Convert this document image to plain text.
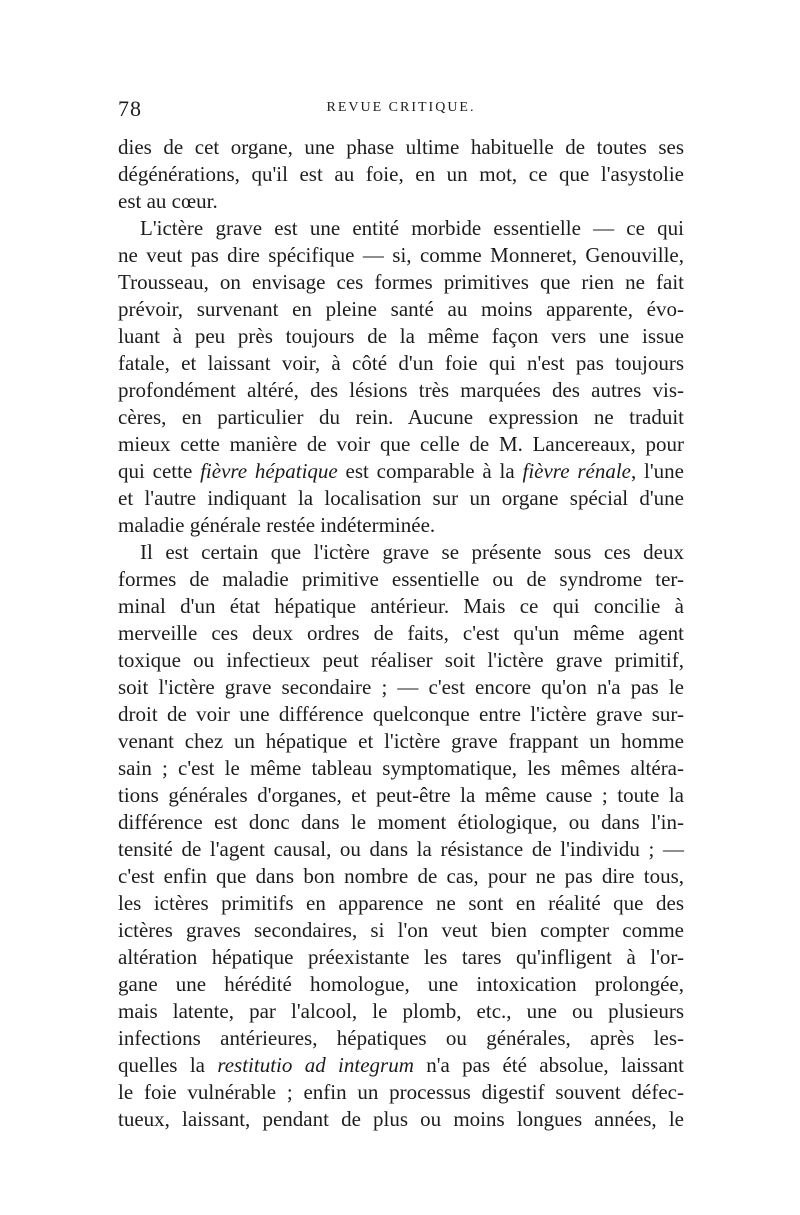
78	REVUE CRITIQUE.
dies de cet organe, une phase ultime habituelle de toutes ses
dégénérations, qu'il est au foie, en un mot, ce que l'asystolie
est au cœur.
L'ictère grave est une entité morbide essentielle — ce qui
ne veut pas dire spécifique — si, comme Monneret, Genouville,
Trousseau, on envisage ces formes primitives que rien ne fait
prévoir, survenant en pleine santé au moins apparente, évo-
luant à peu près toujours de la même façon vers une issue
fatale, et laissant voir, à côté d'un foie qui n'est pas toujours
profondément altéré, des lésions très marquées des autres vis-
cères, en particulier du rein. Aucune expression ne traduit
mieux cette manière de voir que celle de M. Lancereaux, pour
qui cette fièvre hépatique est comparable à la fièvre rénale, l'une
et l'autre indiquant la localisation sur un organe spécial d'une
maladie générale restée indéterminée.
Il est certain que l'ictère grave se présente sous ces deux
formes de maladie primitive essentielle ou de syndrome ter-
minal d'un état hépatique antérieur. Mais ce qui concilie à
merveille ces deux ordres de faits, c'est qu'un même agent
toxique ou infectieux peut réaliser soit l'ictère grave primitif,
soit l'ictère grave secondaire ; — c'est encore qu'on n'a pas le
droit de voir une différence quelconque entre l'ictère grave sur-
venant chez un hépatique et l'ictère grave frappant un homme
sain ; c'est le même tableau symptomatique, les mêmes altéra-
tions générales d'organes, et peut-être la même cause ; toute la
différence est donc dans le moment étiologique, ou dans l'in-
tensité de l'agent causal, ou dans la résistance de l'individu ; —
c'est enfin que dans bon nombre de cas, pour ne pas dire tous,
les ictères primitifs en apparence ne sont en réalité que des
ictères graves secondaires, si l'on veut bien compter comme
altération hépatique préexistante les tares qu'infligent à l'or-
gane une hérédité homologue, une intoxication prolongée,
mais latente, par l'alcool, le plomb, etc., une ou plusieurs
infections antérieures, hépatiques ou générales, après les-
quelles la restitutio ad integrum n'a pas été absolue, laissant
le foie vulnérable ; enfin un processus digestif souvent défec-
tueux, laissant, pendant de plus ou moins longues années, le
